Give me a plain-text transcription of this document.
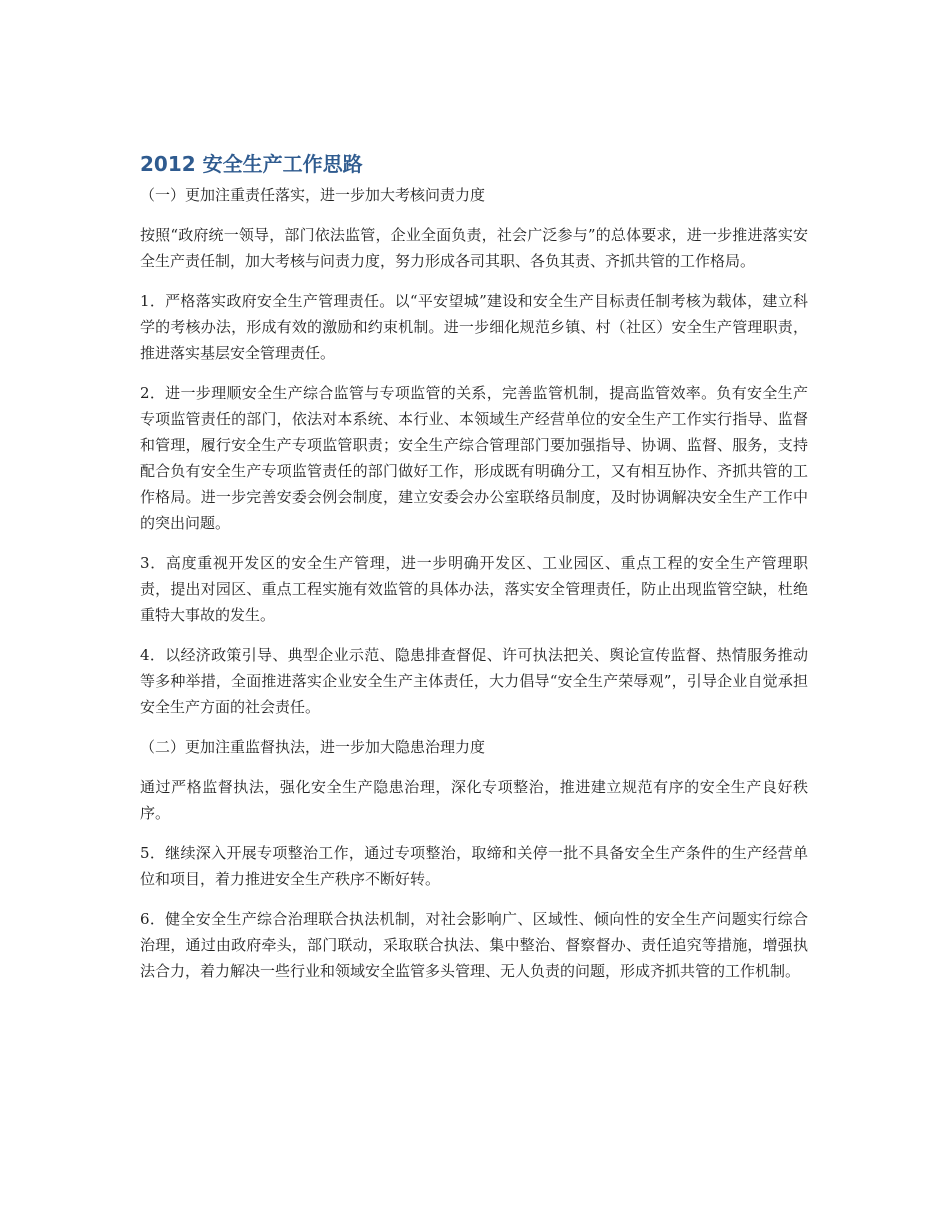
2012 安全生产工作思路

（一）更加注重责任落实，进一步加大考核问责力度

按照“政府统一领导，部门依法监管，企业全面负责，社会广泛参与”的总体要求，进一步推进落实安全生产责任制，加大考核与问责力度，努力形成各司其职、各负其责、齐抓共管的工作格局。

1．严格落实政府安全生产管理责任。以“平安望城”建设和安全生产目标责任制考核为载体，建立科学的考核办法，形成有效的激励和约束机制。进一步细化规范乡镇、村（社区）安全生产管理职责，推进落实基层安全管理责任。

2．进一步理顺安全生产综合监管与专项监管的关系，完善监管机制，提高监管效率。负有安全生产专项监管责任的部门，依法对本系统、本行业、本领域生产经营单位的安全生产工作实行指导、监督和管理，履行安全生产专项监管职责；安全生产综合管理部门要加强指导、协调、监督、服务，支持配合负有安全生产专项监管责任的部门做好工作，形成既有明确分工，又有相互协作、齐抓共管的工作格局。进一步完善安委会例会制度，建立安委会办公室联络员制度，及时协调解决安全生产工作中的突出问题。

3．高度重视开发区的安全生产管理，进一步明确开发区、工业园区、重点工程的安全生产管理职责，提出对园区、重点工程实施有效监管的具体办法，落实安全管理责任，防止出现监管空缺，杜绝重特大事故的发生。

4．以经济政策引导、典型企业示范、隐患排查督促、许可执法把关、舆论宣传监督、热情服务推动等多种举措，全面推进落实企业安全生产主体责任，大力倡导“安全生产荣辱观”，引导企业自觉承担安全生产方面的社会责任。

（二）更加注重监督执法，进一步加大隐患治理力度

通过严格监督执法，强化安全生产隐患治理，深化专项整治，推进建立规范有序的安全生产良好秩序。

5．继续深入开展专项整治工作，通过专项整治，取缔和关停一批不具备安全生产条件的生产经营单位和项目，着力推进安全生产秩序不断好转。

6．健全安全生产综合治理联合执法机制，对社会影响广、区域性、倾向性的安全生产问题实行综合治理，通过由政府牵头，部门联动，采取联合执法、集中整治、督察督办、责任追究等措施，增强执法合力，着力解决一些行业和领域安全监管多头管理、无人负责的问题，形成齐抓共管的工作机制。
